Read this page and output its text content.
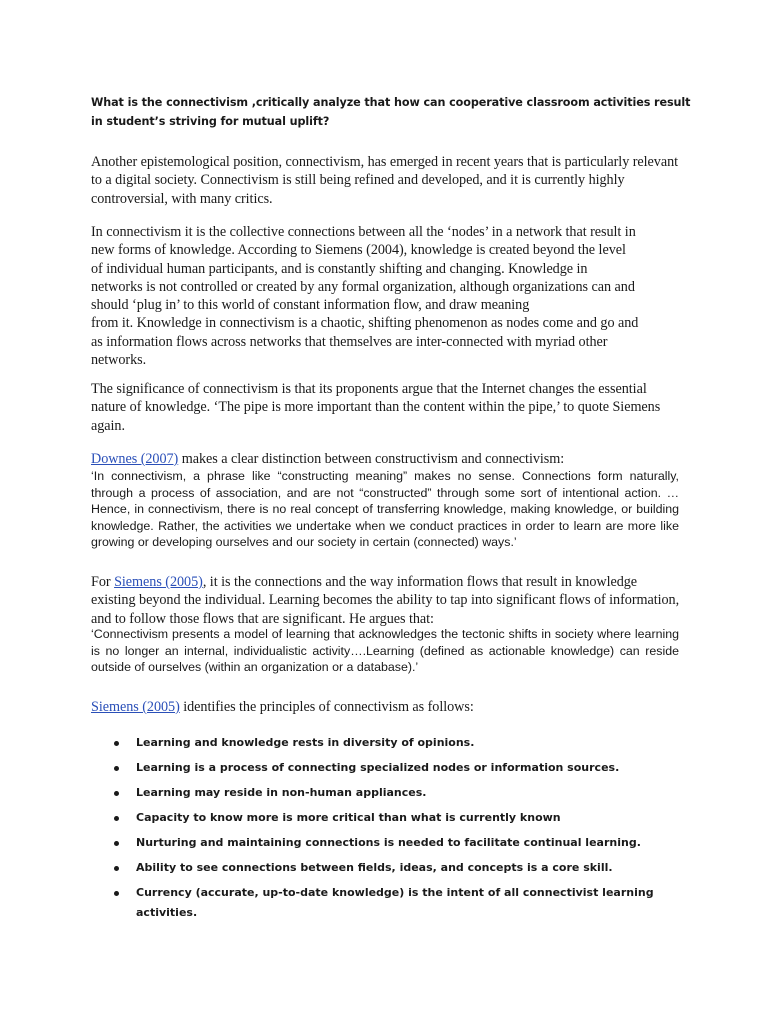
What is the connectivism ,critically analyze that how can cooperative classroom activities result in student’s striving for mutual uplift?

Another epistemological position, connectivism, has emerged in recent years that is particularly relevant to a digital society. Connectivism is still being refined and developed, and it is currently highly controversial, with many critics.

In connectivism it is the collective connections between all the ‘nodes’ in a network that result in
new forms of knowledge. According to Siemens (2004), knowledge is created beyond the level
of individual human participants, and is constantly shifting and changing. Knowledge in
networks is not controlled or created by any formal organization, although organizations can and
should ‘plug in’ to this world of constant information flow, and draw meaning
from it. Knowledge in connectivism is a chaotic, shifting phenomenon as nodes come and go and
as information flows across networks that themselves are inter-connected with myriad other
networks.

The significance of connectivism is that its proponents argue that the Internet changes the essential nature of knowledge. ‘The pipe is more important than the content within the pipe,’ to quote Siemens again.

Downes (2007) makes a clear distinction between constructivism and connectivism:

‘In connectivism, a phrase like “constructing meaning” makes no sense. Connections form naturally, through a process of association, and are not “constructed” through some sort of intentional action. … Hence, in connectivism, there is no real concept of transferring knowledge, making knowledge, or building knowledge. Rather, the activities we undertake when we conduct practices in order to learn are more like growing or developing ourselves and our society in certain (connected) ways.’

For Siemens (2005), it is the connections and the way information flows that result in knowledge existing beyond the individual. Learning becomes the ability to tap into significant flows of information, and to follow those flows that are significant. He argues that:

‘Connectivism presents a model of learning that acknowledges the tectonic shifts in society where learning is no longer an internal, individualistic activity….Learning (defined as actionable knowledge) can reside outside of ourselves (within an organization or a database).’

Siemens (2005) identifies the principles of connectivism as follows:

Learning and knowledge rests in diversity of opinions.
Learning is a process of connecting specialized nodes or information sources.
Learning may reside in non-human appliances.
Capacity to know more is more critical than what is currently known
Nurturing and maintaining connections is needed to facilitate continual learning.
Ability to see connections between fields, ideas, and concepts is a core skill.
Currency (accurate, up-to-date knowledge) is the intent of all connectivist learning activities.
